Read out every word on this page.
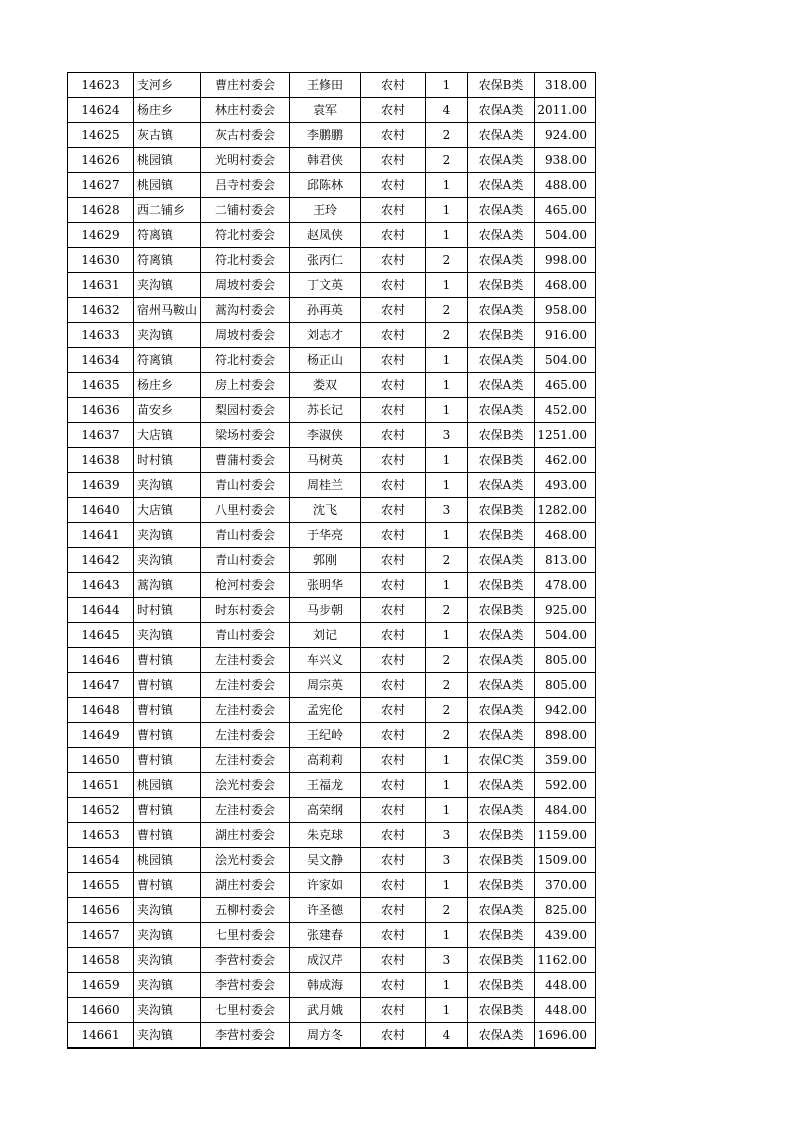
14623	支河乡	曹庄村委会	王修田	农村	1	农保B类	318.00
14624	杨庄乡	林庄村委会	袁军	农村	4	农保A类	2011.00
14625	灰古镇	灰古村委会	李鹏鹏	农村	2	农保A类	924.00
14626	桃园镇	光明村委会	韩君侠	农村	2	农保A类	938.00
14627	桃园镇	吕寺村委会	邱陈林	农村	1	农保A类	488.00
14628	西二铺乡	二铺村委会	王玲	农村	1	农保A类	465.00
14629	符离镇	符北村委会	赵凤侠	农村	1	农保A类	504.00
14630	符离镇	符北村委会	张丙仁	农村	2	农保A类	998.00
14631	夹沟镇	周坡村委会	丁文英	农村	1	农保B类	468.00
14632	宿州马鞍山	蒿沟村委会	孙再英	农村	2	农保A类	958.00
14633	夹沟镇	周坡村委会	刘志才	农村	2	农保B类	916.00
14634	符离镇	符北村委会	杨正山	农村	1	农保A类	504.00
14635	杨庄乡	房上村委会	娄双	农村	1	农保A类	465.00
14636	苗安乡	梨园村委会	苏长记	农村	1	农保A类	452.00
14637	大店镇	梁场村委会	李淑侠	农村	3	农保B类	1251.00
14638	时村镇	曹蒲村委会	马树英	农村	1	农保B类	462.00
14639	夹沟镇	青山村委会	周桂兰	农村	1	农保A类	493.00
14640	大店镇	八里村委会	沈飞	农村	3	农保B类	1282.00
14641	夹沟镇	青山村委会	于华亮	农村	1	农保B类	468.00
14642	夹沟镇	青山村委会	郭刚	农村	2	农保A类	813.00
14643	蒿沟镇	枪河村委会	张明华	农村	1	农保B类	478.00
14644	时村镇	时东村委会	马步朝	农村	2	农保B类	925.00
14645	夹沟镇	青山村委会	刘记	农村	1	农保A类	504.00
14646	曹村镇	左洼村委会	车兴义	农村	2	农保A类	805.00
14647	曹村镇	左洼村委会	周宗英	农村	2	农保A类	805.00
14648	曹村镇	左洼村委会	孟宪伦	农村	2	农保A类	942.00
14649	曹村镇	左洼村委会	王纪岭	农村	2	农保A类	898.00
14650	曹村镇	左洼村委会	高莉莉	农村	1	农保C类	359.00
14651	桃园镇	浍光村委会	王福龙	农村	1	农保A类	592.00
14652	曹村镇	左洼村委会	高荣纲	农村	1	农保A类	484.00
14653	曹村镇	湖庄村委会	朱克球	农村	3	农保B类	1159.00
14654	桃园镇	浍光村委会	吴文静	农村	3	农保B类	1509.00
14655	曹村镇	湖庄村委会	许家如	农村	1	农保B类	370.00
14656	夹沟镇	五柳村委会	许圣德	农村	2	农保A类	825.00
14657	夹沟镇	七里村委会	张建春	农村	1	农保B类	439.00
14658	夹沟镇	李营村委会	成汉芹	农村	3	农保B类	1162.00
14659	夹沟镇	李营村委会	韩成海	农村	1	农保B类	448.00
14660	夹沟镇	七里村委会	武月娥	农村	1	农保B类	448.00
14661	夹沟镇	李营村委会	周方冬	农村	4	农保A类	1696.00
